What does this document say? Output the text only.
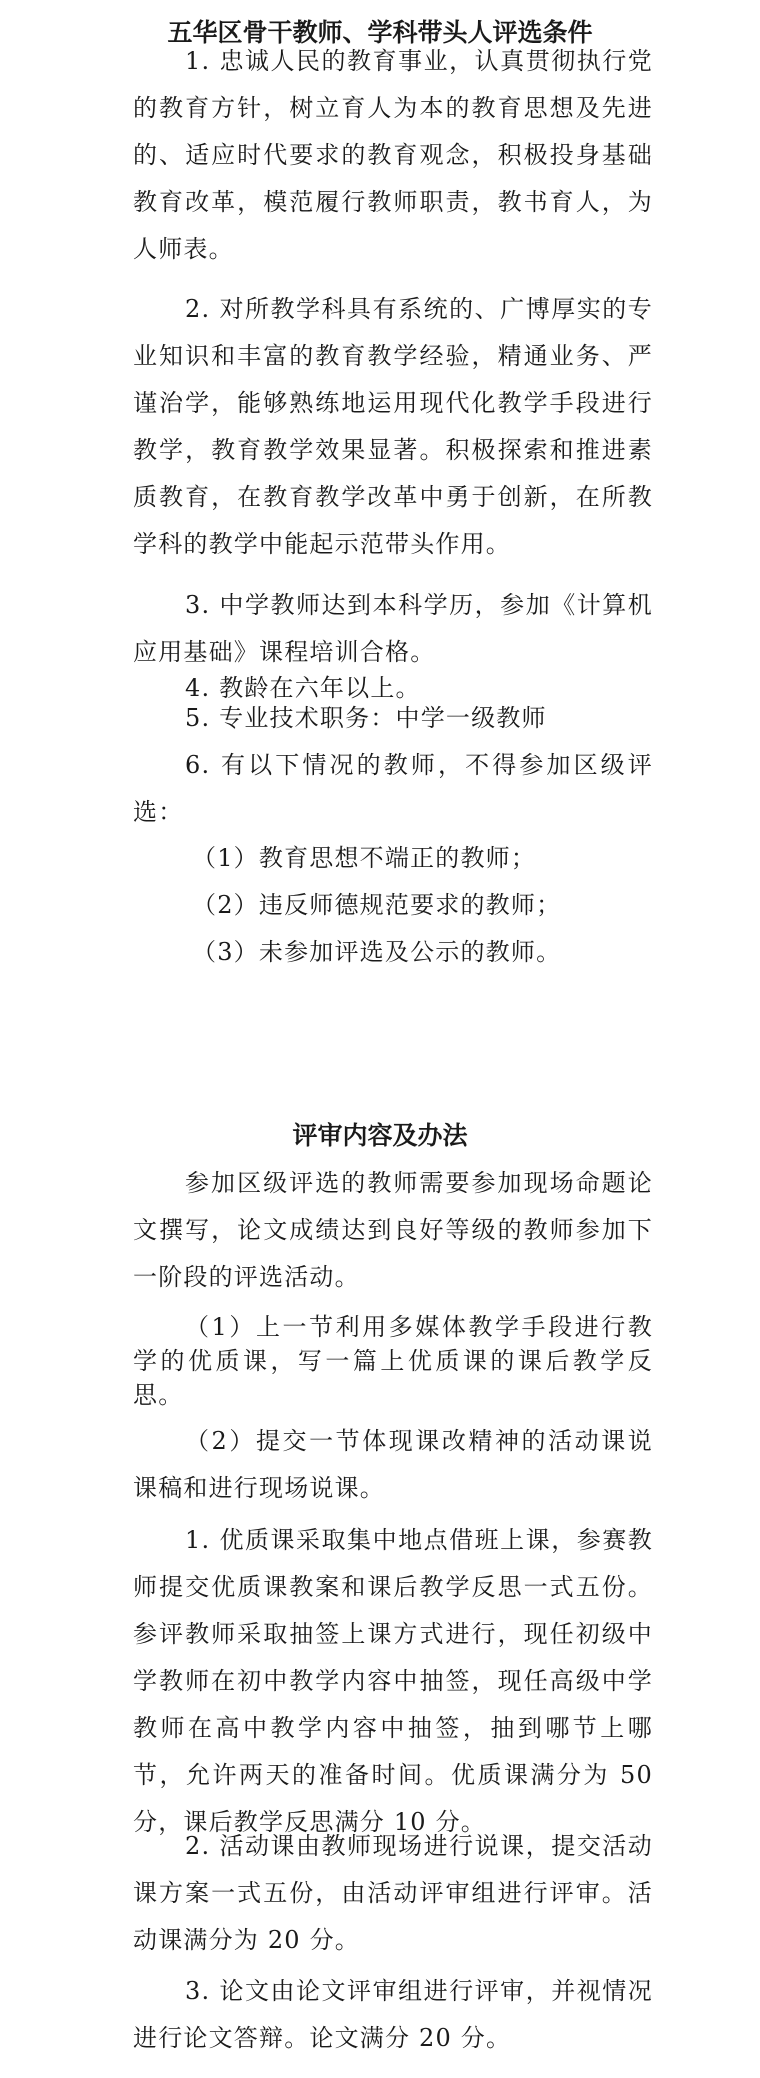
五华区骨干教师、学科带头人评选条件
1. 忠诚人民的教育事业，认真贯彻执行党的教育方针，树立育人为本的教育思想及先进的、适应时代要求的教育观念，积极投身基础教育改革，模范履行教师职责，教书育人，为人师表。
2. 对所教学科具有系统的、广博厚实的专业知识和丰富的教育教学经验，精通业务、严谨治学，能够熟练地运用现代化教学手段进行教学，教育教学效果显著。积极探索和推进素质教育，在教育教学改革中勇于创新，在所教学科的教学中能起示范带头作用。
3. 中学教师达到本科学历，参加《计算机应用基础》课程培训合格。
4. 教龄在六年以上。
5. 专业技术职务：中学一级教师
6. 有以下情况的教师，不得参加区级评选：
（1）教育思想不端正的教师；
（2）违反师德规范要求的教师；
（3）未参加评选及公示的教师。
评审内容及办法
参加区级评选的教师需要参加现场命题论文撰写，论文成绩达到良好等级的教师参加下一阶段的评选活动。
（1）上一节利用多媒体教学手段进行教学的优质课，写一篇上优质课的课后教学反思。
（2）提交一节体现课改精神的活动课说课稿和进行现场说课。
1. 优质课采取集中地点借班上课，参赛教师提交优质课教案和课后教学反思一式五份。参评教师采取抽签上课方式进行，现任初级中学教师在初中教学内容中抽签，现任高级中学教师在高中教学内容中抽签，抽到哪节上哪节，允许两天的准备时间。优质课满分为 50 分，课后教学反思满分 10 分。
2. 活动课由教师现场进行说课，提交活动课方案一式五份，由活动评审组进行评审。活动课满分为 20 分。
3. 论文由论文评审组进行评审，并视情况进行论文答辩。论文满分 20 分。
